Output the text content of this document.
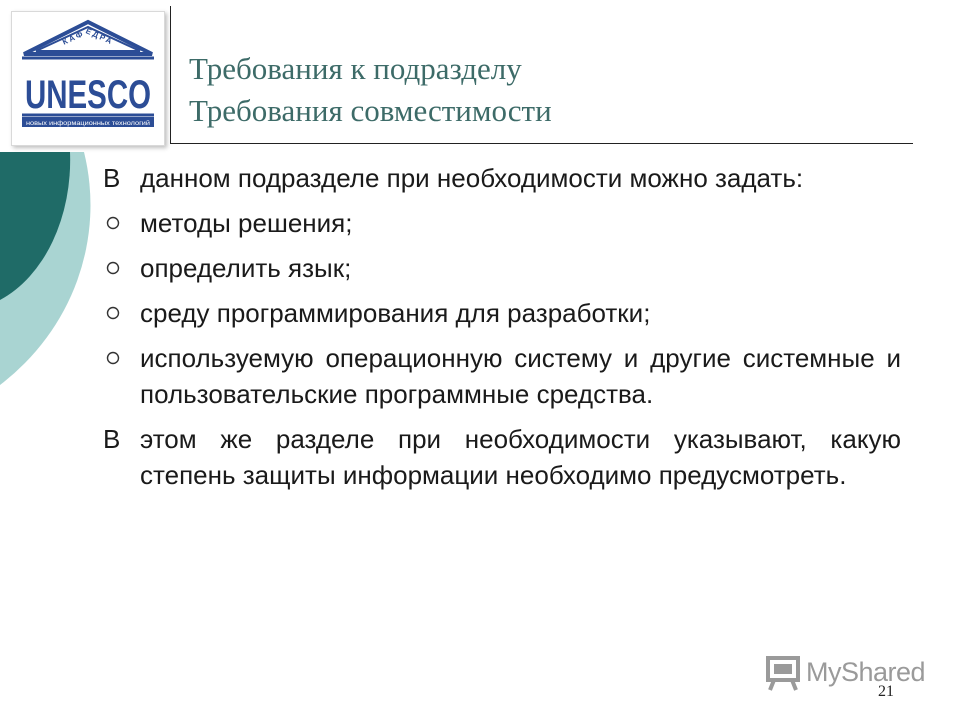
КАФЕДРА
UNESCO
новых информационных технологий
Требования к подразделу
Требования совместимости
В данном подразделе при необходимости можно задать:
методы решения;
определить язык;
среду программирования для разработки;
используемую операционную систему и другие системные и пользовательские программные средства.
В этом же разделе при необходимости указывают, какую степень защиты информации необходимо предусмотреть.
MyShared
21
